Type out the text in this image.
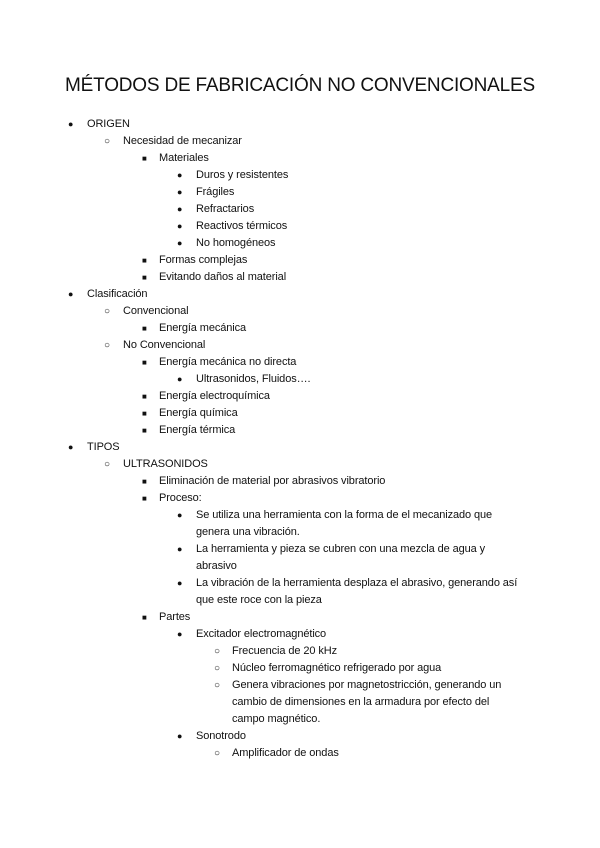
MÉTODOS DE FABRICACIÓN NO CONVENCIONALES
● ORIGEN
○ Necesidad de mecanizar
■ Materiales
● Duros y resistentes
● Frágiles
● Refractarios
● Reactivos térmicos
● No homogéneos
■ Formas complejas
■ Evitando daños al material
● Clasificación
○ Convencional
■ Energía mecánica
○ No Convencional
■ Energía mecánica no directa
● Ultrasonidos, Fluidos….
■ Energía electroquímica
■ Energía química
■ Energía térmica
● TIPOS
○ ULTRASONIDOS
■ Eliminación de material por abrasivos vibratorio
■ Proceso:
● Se utiliza una herramienta con la forma de el mecanizado que
genera una vibración.
● La herramienta y pieza se cubren con una mezcla de agua y
abrasivo
● La vibración de la herramienta desplaza el abrasivo, generando así
que este roce con la pieza
■ Partes
● Excitador electromagnético
○ Frecuencia de 20 kHz
○ Núcleo ferromagnético refrigerado por agua
○ Genera vibraciones por magnetostricción, generando un
cambio de dimensiones en la armadura por efecto del
campo magnético.
● Sonotrodo
○ Amplificador de ondas
